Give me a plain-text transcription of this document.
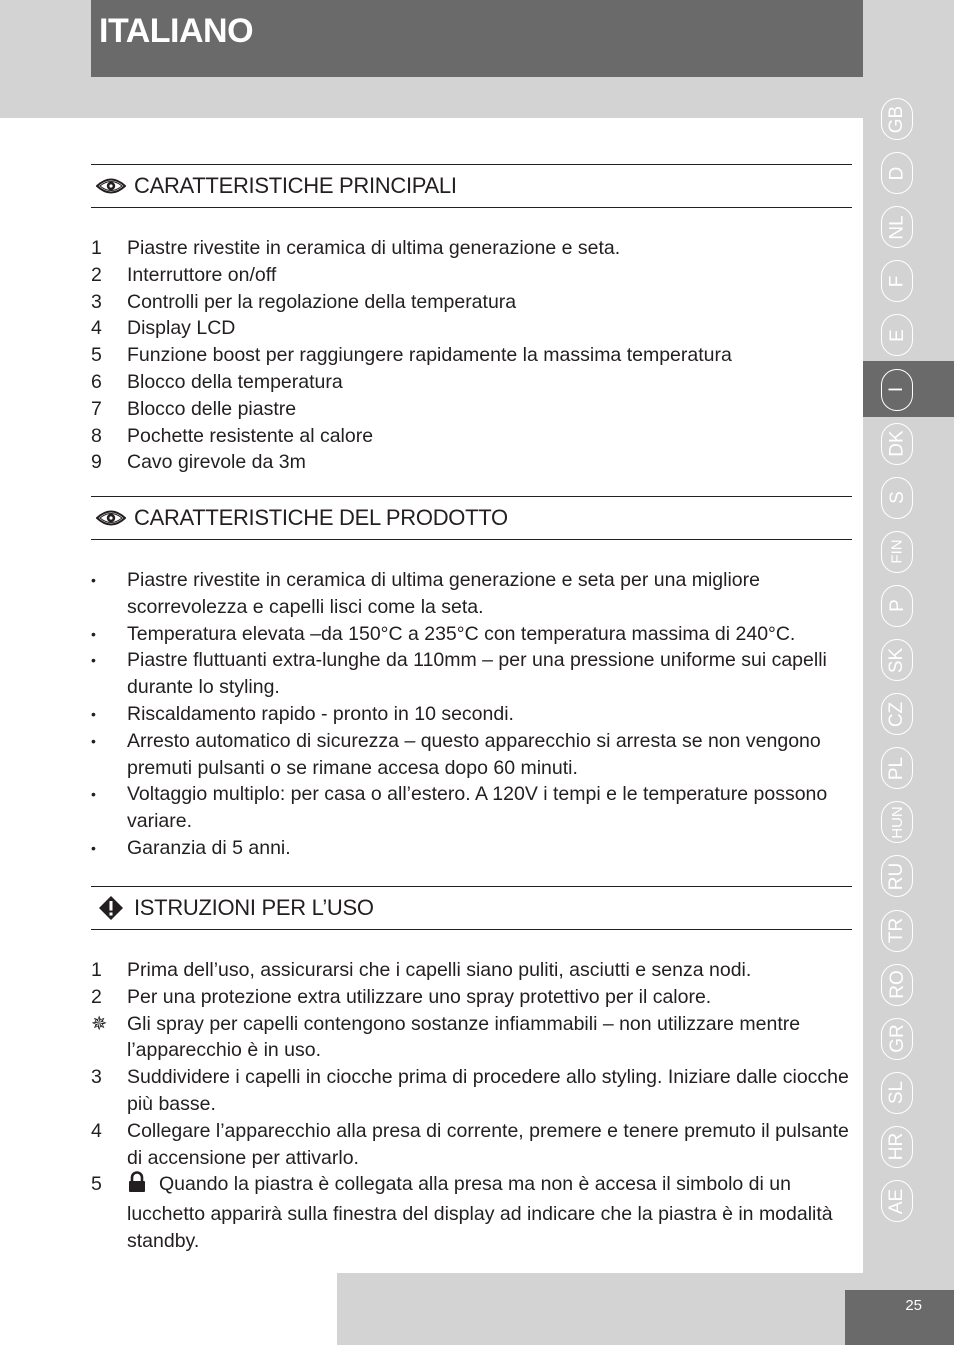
ITALIANO
GB
D
NL
F
E
I
DK
S
FIN
P
SK
CZ
PL
HUN
RU
TR
RO
GR
SL
HR
AE
25
CARATTERISTICHE PRINCIPALI
1 Piastre rivestite in ceramica di ultima generazione e seta.
2 Interruttore on/off
3 Controlli per la regolazione della temperatura
4 Display LCD
5 Funzione boost per raggiungere rapidamente la massima temperatura
6 Blocco della temperatura
7 Blocco delle piastre
8 Pochette resistente al calore
9 Cavo girevole da 3m
CARATTERISTICHE DEL PRODOTTO
• Piastre rivestite in ceramica di ultima generazione e seta per una migliore scorrevolezza e capelli lisci come la seta.
• Temperatura elevata –da 150°C a 235°C con temperatura massima di 240°C.
• Piastre fluttuanti extra-lunghe da 110mm – per una pressione uniforme sui capelli durante lo styling.
• Riscaldamento rapido - pronto in 10 secondi.
• Arresto automatico di sicurezza – questo apparecchio si arresta se non vengono premuti pulsanti o se rimane accesa dopo 60 minuti.
• Voltaggio multiplo: per casa o all’estero. A 120V i tempi e le temperature possono variare.
• Garanzia di 5 anni.
ISTRUZIONI PER L’USO
1 Prima dell’uso, assicurarsi che i capelli siano puliti, asciutti e senza nodi.
2 Per una protezione extra utilizzare uno spray protettivo per il calore.
✵ Gli spray per capelli contengono sostanze infiammabili – non utilizzare mentre l’apparecchio è in uso.
3 Suddividere i capelli in ciocche prima di procedere allo styling. Iniziare dalle ciocche più basse.
4 Collegare l’apparecchio alla presa di corrente, premere e tenere premuto il pulsante di accensione per attivarlo.
5	Quando la piastra è collegata alla presa ma non è accesa il simbolo di un lucchetto apparirà sulla finestra del display ad indicare che la piastra è in modalità standby.
